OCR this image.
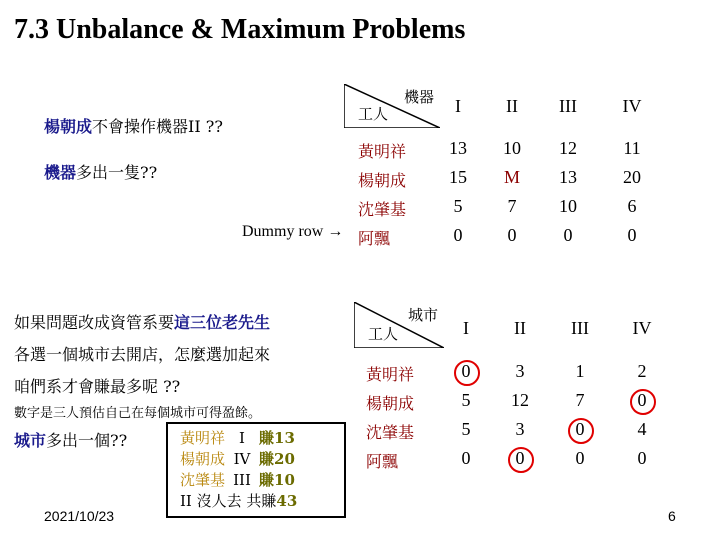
7.3 Unbalance & Maximum Problems
楊朝成不會操作機器II ??
機器多出一隻??
Dummy row →
機器
工人	I	II	III	IV
黃明祥	13	10	12	11
楊朝成	15	M	13	20
沈肇基	5	7	10	6
阿飄	0	0	0	0
如果問題改成資管系要這三位老先生
各選一個城市去開店，怎麼選加起來
咱們系才會賺最多呢 ??
數字是三人預估自己在每個城市可得盈餘。
城市多出一個??	黃明祥I賺13
楊朝成IV賺20
沈肇基III賺10
II 沒人去 共賺43
城市
工人	I	II	III	IV
黃明祥	0	3	1	2
楊朝成	5	12	7	0
沈肇基	5	3	0	4
阿飄	0	0	0	0
2021/10/23	6
